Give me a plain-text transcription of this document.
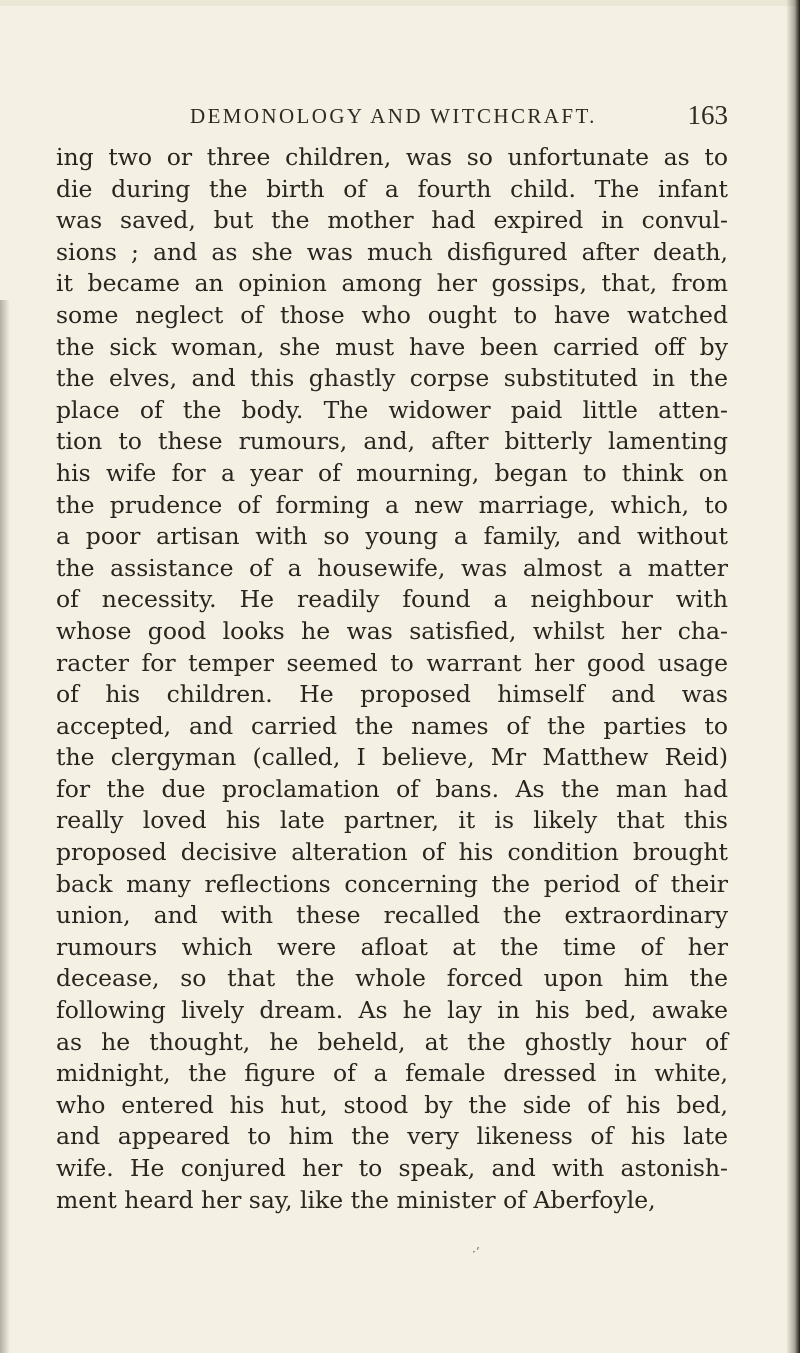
DEMONOLOGY AND WITCHCRAFT.	163
ing two or three children, was so unfortunate as to
die during the birth of a fourth child. The infant
was saved, but the mother had expired in convul-
sions ; and as she was much disfigured after death,
it became an opinion among her gossips, that, from
some neglect of those who ought to have watched
the sick woman, she must have been carried off by
the elves, and this ghastly corpse substituted in the
place of the body. The widower paid little atten-
tion to these rumours, and, after bitterly lamenting
his wife for a year of mourning, began to think on
the prudence of forming a new marriage, which, to
a poor artisan with so young a family, and without
the assistance of a housewife, was almost a matter
of necessity. He readily found a neighbour with
whose good looks he was satisfied, whilst her cha-
racter for temper seemed to warrant her good usage
of his children. He proposed himself and was
accepted, and carried the names of the parties to
the clergyman (called, I believe, Mr Matthew Reid)
for the due proclamation of bans. As the man had
really loved his late partner, it is likely that this
proposed decisive alteration of his condition brought
back many reflections concerning the period of their
union, and with these recalled the extraordinary
rumours which were afloat at the time of her
decease, so that the whole forced upon him the
following lively dream. As he lay in his bed, awake
as he thought, he beheld, at the ghostly hour of
midnight, the figure of a female dressed in white,
who entered his hut, stood by the side of his bed,
and appeared to him the very likeness of his late
wife. He conjured her to speak, and with astonish-
ment heard her say, like the minister of Aberfoyle,
·’
